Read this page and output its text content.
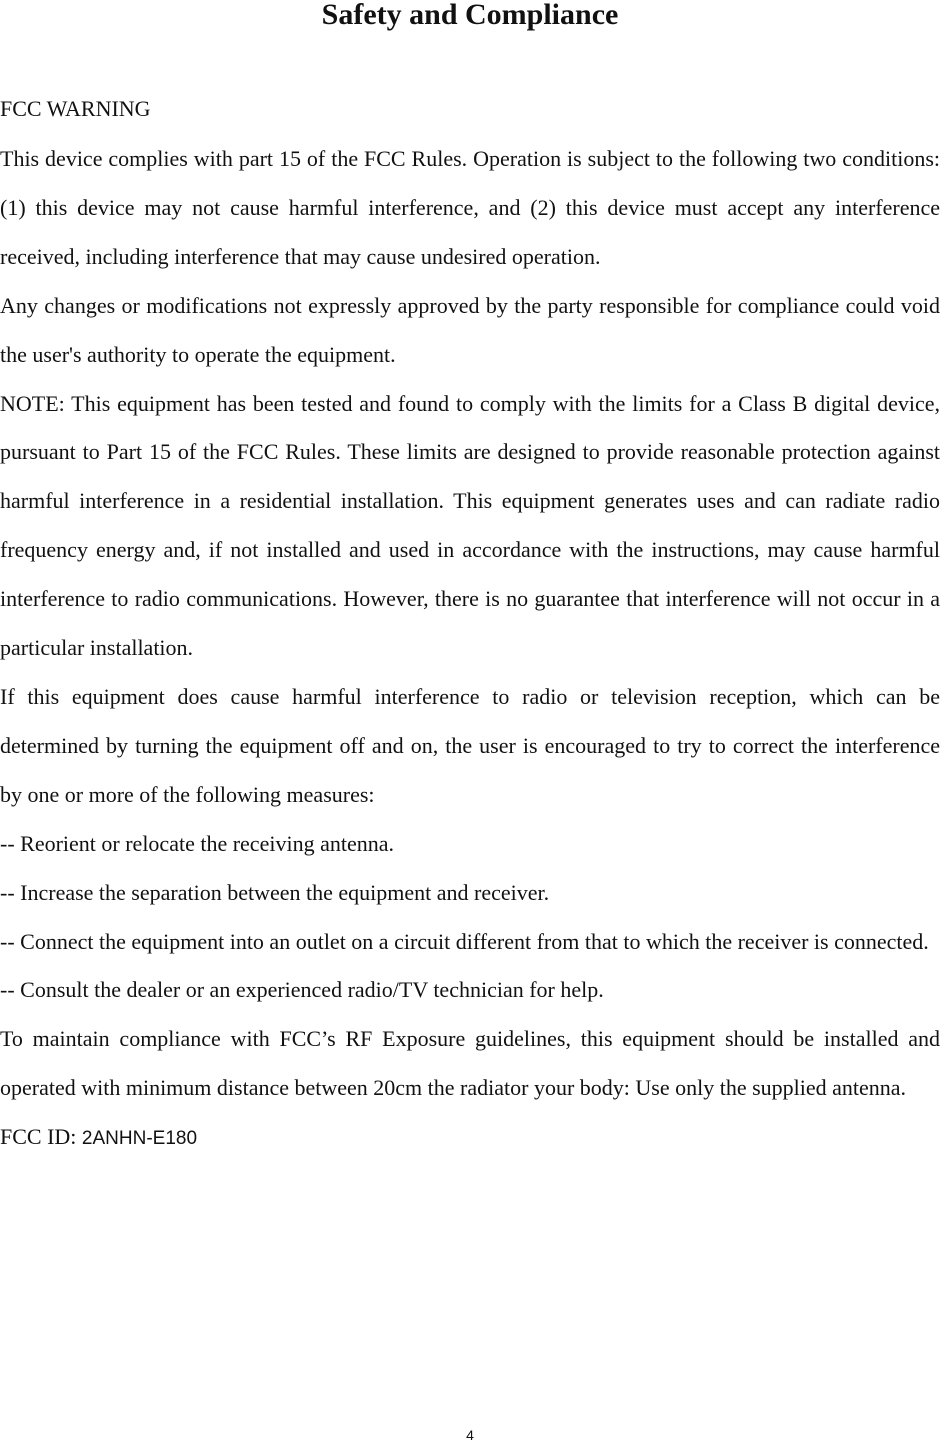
Safety and Compliance

FCC WARNING

This device complies with part 15 of the FCC Rules. Operation is subject to the following two conditions: (1) this device may not cause harmful interference, and (2) this device must accept any interference received, including interference that may cause undesired operation.

Any changes or modifications not expressly approved by the party responsible for compliance could void the user's authority to operate the equipment.

NOTE: This equipment has been tested and found to comply with the limits for a Class B digital device, pursuant to Part 15 of the FCC Rules. These limits are designed to provide reasonable protection against harmful interference in a residential installation. This equipment generates uses and can radiate radio frequency energy and, if not installed and used in accordance with the instructions, may cause harmful interference to radio communications. However, there is no guarantee that interference will not occur in a particular installation.

If this equipment does cause harmful interference to radio or television reception, which can be determined by turning the equipment off and on, the user is encouraged to try to correct the interference by one or more of the following measures:

-- Reorient or relocate the receiving antenna.

-- Increase the separation between the equipment and receiver.

-- Connect the equipment into an outlet on a circuit different from that to which the receiver is connected.

-- Consult the dealer or an experienced radio/TV technician for help.

To maintain compliance with FCC’s RF Exposure guidelines, this equipment should be installed and operated with minimum distance between 20cm the radiator your body: Use only the supplied antenna.

FCC ID: 2ANHN-E180

4
